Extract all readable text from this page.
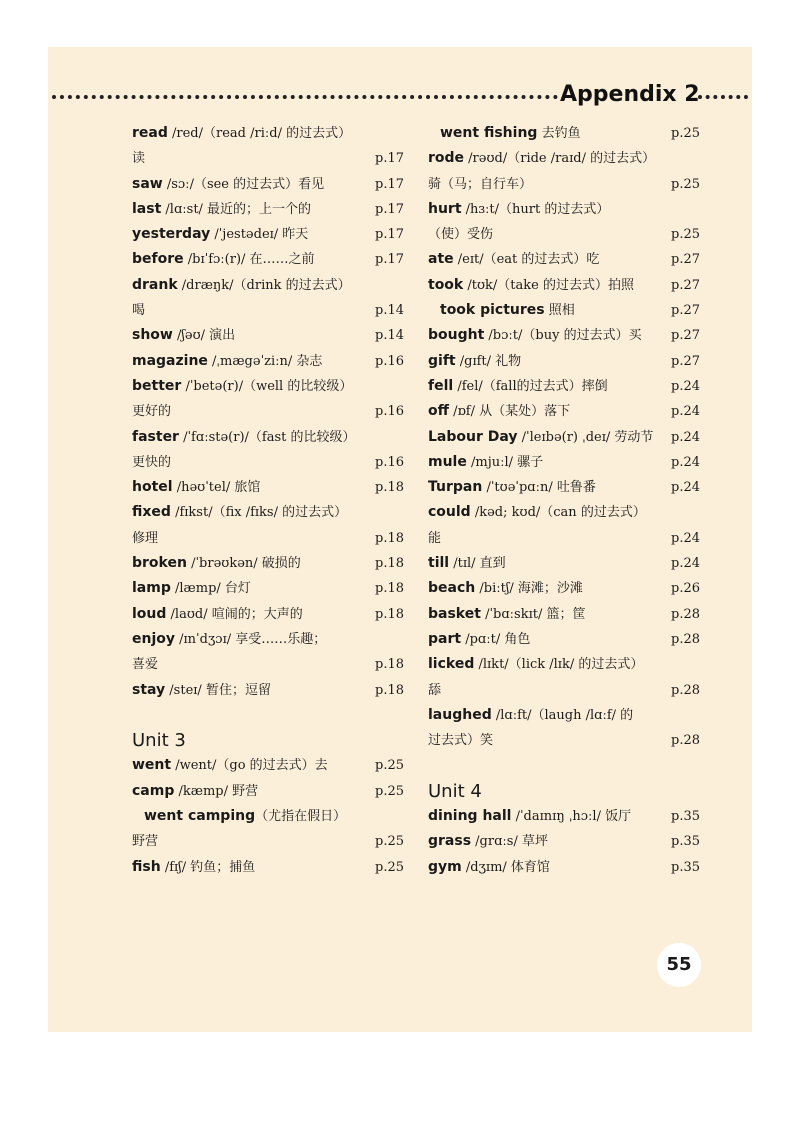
Appendix 2
read /red/（read /riːd/ 的过去式）
读	p.17
saw /sɔː/（see 的过去式）看见	p.17
last /lɑːst/ 最近的；上一个的	p.17
yesterday /ˈjestədeɪ/ 昨天	p.17
before /bɪˈfɔː(r)/ 在……之前	p.17
drank /dræŋk/（drink 的过去式）
喝	p.14
show /ʃəʊ/ 演出	p.14
magazine /ˌmægəˈziːn/ 杂志	p.16
better /ˈbetə(r)/（well 的比较级）
更好的	p.16
faster /ˈfɑːstə(r)/（fast 的比较级）
更快的	p.16
hotel /həʊˈtel/ 旅馆	p.18
fixed /fɪkst/（fix /fɪks/ 的过去式）
修理	p.18
broken /ˈbrəʊkən/ 破损的	p.18
lamp /læmp/ 台灯	p.18
loud /laʊd/ 喧闹的；大声的	p.18
enjoy /ɪnˈdʒɔɪ/ 享受……乐趣；
喜爱	p.18
stay /steɪ/ 暂住；逗留	p.18
Unit 3
went /went/（go 的过去式）去	p.25
camp /kæmp/ 野营	p.25
went camping（尤指在假日）
野营	p.25
fish /fɪʃ/ 钓鱼；捕鱼	p.25
went fishing 去钓鱼	p.25
rode /rəʊd/（ride /raɪd/ 的过去式）
骑（马；自行车）	p.25
hurt /hɜːt/（hurt 的过去式）
（使）受伤	p.25
ate /eɪt/（eat 的过去式）吃	p.27
took /tʊk/（take 的过去式）拍照	p.27
took pictures 照相	p.27
bought /bɔːt/（buy 的过去式）买 p.27
gift /gɪft/ 礼物	p.27
fell /fel/（fall的过去式）摔倒	p.24
off /ɒf/ 从（某处）落下	p.24
Labour Day /ˈleɪbə(r) ˌdeɪ/ 劳动节 p.24
mule /mjuːl/ 骡子	p.24
Turpan /ˈtʊəˈpɑːn/ 吐鲁番	p.24
could /kəd; kʊd/（can 的过去式）
能	p.24
till /tɪl/ 直到	p.24
beach /biːtʃ/ 海滩；沙滩	p.26
basket /ˈbɑːskɪt/ 篮；筐	p.28
part /pɑːt/ 角色	p.28
licked /lɪkt/（lick /lɪk/ 的过去式）
舔	p.28
laughed /lɑːft/（laugh /lɑːf/ 的
过去式）笑	p.28
Unit 4
dining hall /ˈdaɪnɪŋ ˌhɔːl/ 饭厅	p.35
grass /grɑːs/ 草坪	p.35
gym /dʒɪm/ 体育馆	p.35
55
